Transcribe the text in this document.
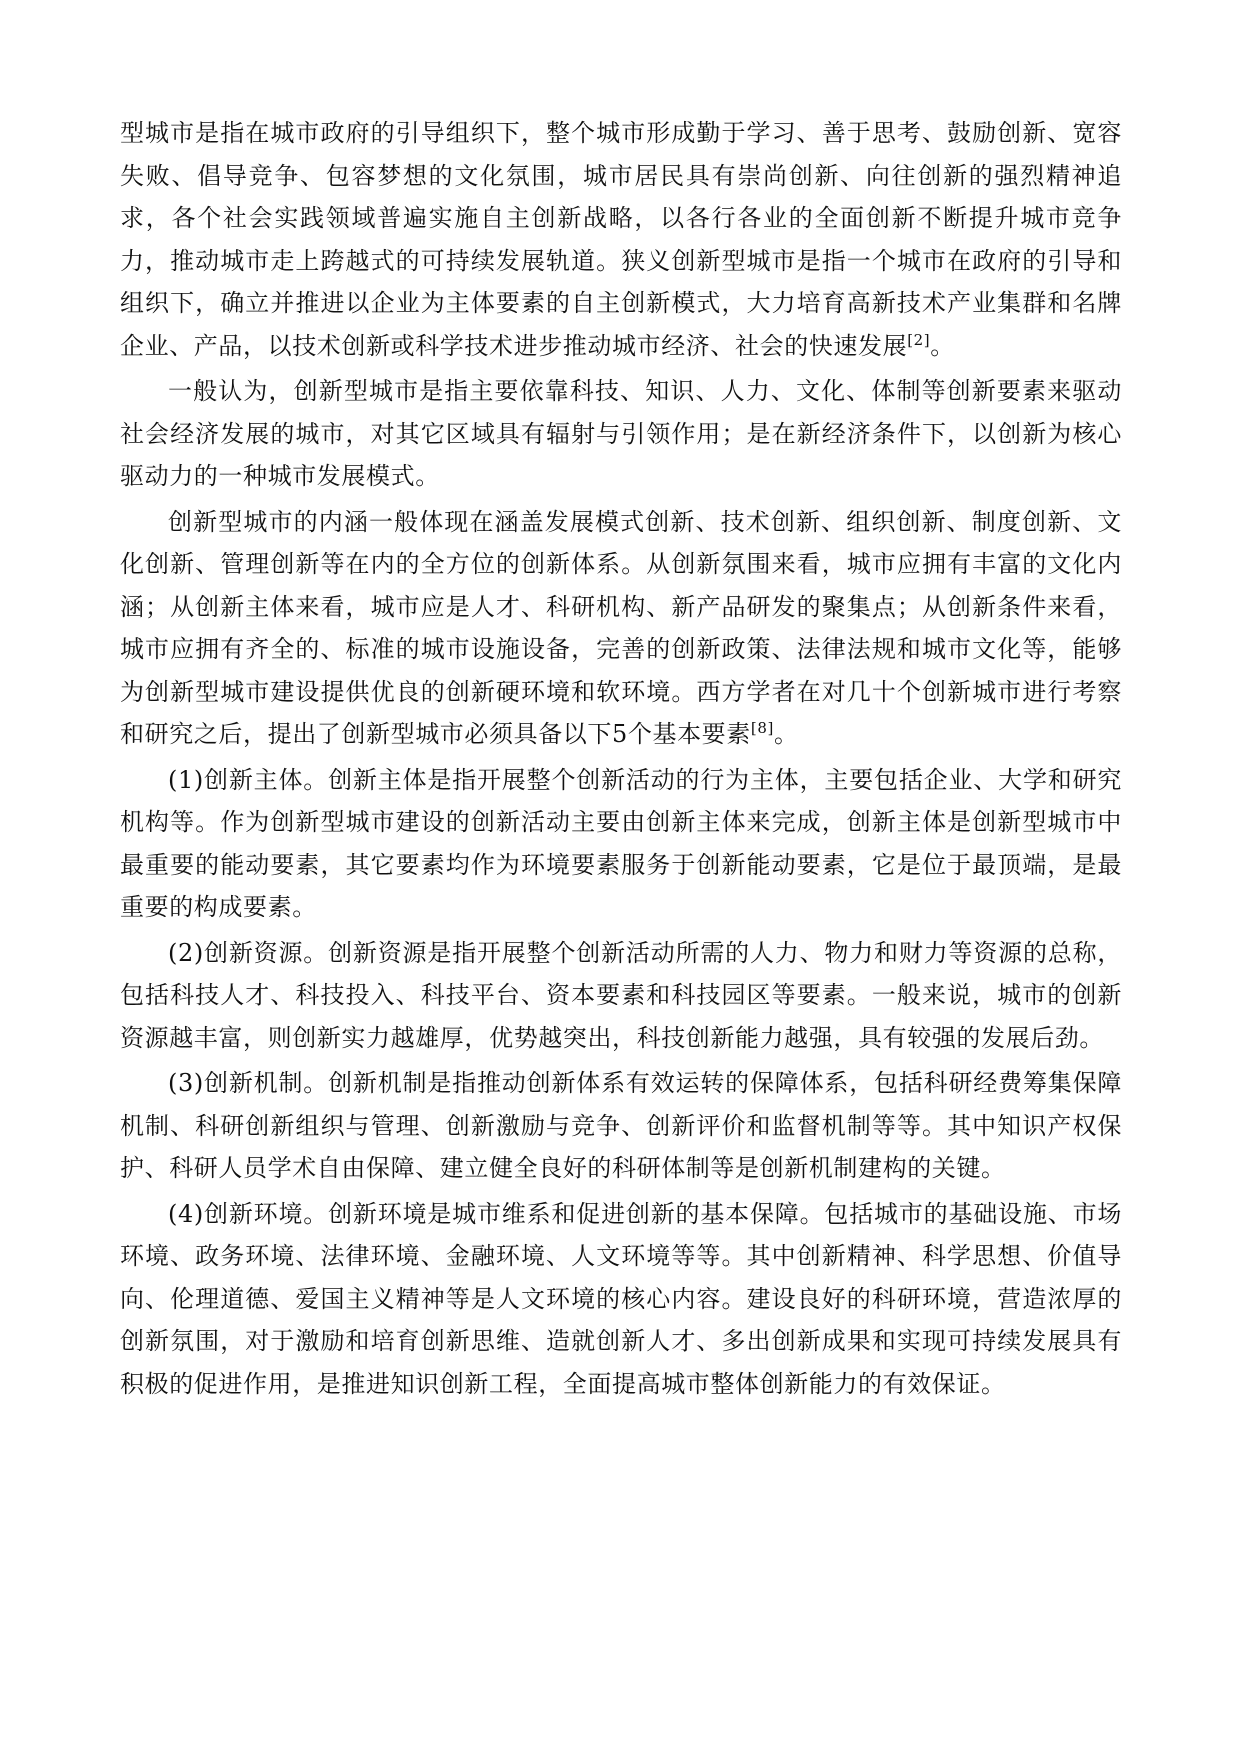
型城市是指在城市政府的引导组织下，整个城市形成勤于学习、善于思考、鼓励创新、宽容失败、倡导竞争、包容梦想的文化氛围，城市居民具有崇尚创新、向往创新的强烈精神追求，各个社会实践领域普遍实施自主创新战略，以各行各业的全面创新不断提升城市竞争力，推动城市走上跨越式的可持续发展轨道。狭义创新型城市是指一个城市在政府的引导和组织下，确立并推进以企业为主体要素的自主创新模式，大力培育高新技术产业集群和名牌企业、产品，以技术创新或科学技术进步推动城市经济、社会的快速发展[2]。

一般认为，创新型城市是指主要依靠科技、知识、人力、文化、体制等创新要素来驱动社会经济发展的城市，对其它区域具有辐射与引领作用；是在新经济条件下，以创新为核心驱动力的一种城市发展模式。

创新型城市的内涵一般体现在涵盖发展模式创新、技术创新、组织创新、制度创新、文化创新、管理创新等在内的全方位的创新体系。从创新氛围来看，城市应拥有丰富的文化内涵；从创新主体来看，城市应是人才、科研机构、新产品研发的聚集点；从创新条件来看，城市应拥有齐全的、标准的城市设施设备，完善的创新政策、法律法规和城市文化等，能够为创新型城市建设提供优良的创新硬环境和软环境。西方学者在对几十个创新城市进行考察和研究之后，提出了创新型城市必须具备以下5个基本要素[8]。

(1)创新主体。创新主体是指开展整个创新活动的行为主体，主要包括企业、大学和研究机构等。作为创新型城市建设的创新活动主要由创新主体来完成，创新主体是创新型城市中最重要的能动要素，其它要素均作为环境要素服务于创新能动要素，它是位于最顶端，是最重要的构成要素。

(2)创新资源。创新资源是指开展整个创新活动所需的人力、物力和财力等资源的总称，包括科技人才、科技投入、科技平台、资本要素和科技园区等要素。一般来说，城市的创新资源越丰富，则创新实力越雄厚，优势越突出，科技创新能力越强，具有较强的发展后劲。

(3)创新机制。创新机制是指推动创新体系有效运转的保障体系，包括科研经费筹集保障机制、科研创新组织与管理、创新激励与竞争、创新评价和监督机制等等。其中知识产权保护、科研人员学术自由保障、建立健全良好的科研体制等是创新机制建构的关键。

(4)创新环境。创新环境是城市维系和促进创新的基本保障。包括城市的基础设施、市场环境、政务环境、法律环境、金融环境、人文环境等等。其中创新精神、科学思想、价值导向、伦理道德、爱国主义精神等是人文环境的核心内容。建设良好的科研环境，营造浓厚的创新氛围，对于激励和培育创新思维、造就创新人才、多出创新成果和实现可持续发展具有积极的促进作用，是推进知识创新工程，全面提高城市整体创新能力的有效保证。
